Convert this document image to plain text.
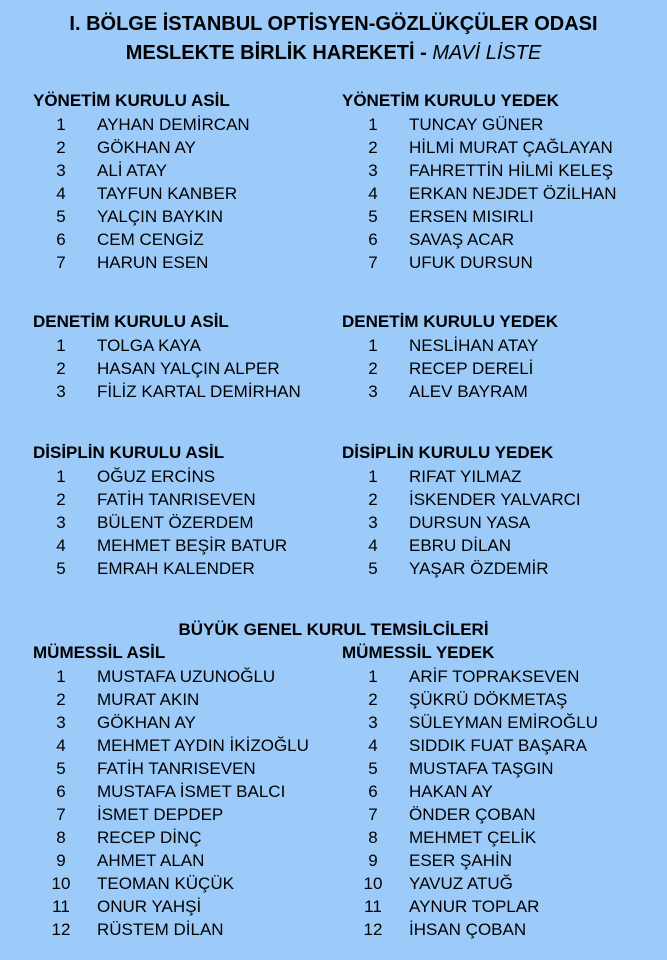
I. BÖLGE İSTANBUL OPTİSYEN-GÖZLÜKÇÜLER ODASI
MESLEKTE BİRLİK HAREKETİ - MAVİ LİSTE
YÖNETİM KURULU ASİL
1	AYHAN DEMİRCAN
2	GÖKHAN AY
3	ALİ ATAY
4	TAYFUN KANBER
5	YALÇIN BAYKIN
6	CEM CENGİZ
7	HARUN ESEN
YÖNETİM KURULU YEDEK
1	TUNCAY GÜNER
2	HİLMİ MURAT ÇAĞLAYAN
3	FAHRETTİN HİLMİ KELEŞ
4	ERKAN NEJDET ÖZİLHAN
5	ERSEN MISIRLI
6	SAVAŞ ACAR
7	UFUK DURSUN
DENETİM KURULU ASİL
1	TOLGA KAYA
2	HASAN YALÇIN ALPER
3	FİLİZ KARTAL DEMİRHAN
DENETİM KURULU YEDEK
1	NESLİHAN ATAY
2	RECEP DERELİ
3	ALEV BAYRAM
DİSİPLİN KURULU ASİL
1	OĞUZ ERCİNS
2	FATİH TANRISEVEN
3	BÜLENT ÖZERDEM
4	MEHMET BEŞİR BATUR
5	EMRAH KALENDER
DİSİPLİN KURULU YEDEK
1	RIFAT YILMAZ
2	İSKENDER YALVARCI
3	DURSUN YASA
4	EBRU DİLAN
5	YAŞAR ÖZDEMİR
BÜYÜK GENEL KURUL TEMSİLCİLERİ
MÜMESSİL ASİL
1	MUSTAFA UZUNOĞLU
2	MURAT AKIN
3	GÖKHAN AY
4	MEHMET AYDIN İKİZOĞLU
5	FATİH TANRISEVEN
6	MUSTAFA İSMET BALCI
7	İSMET DEPDEP
8	RECEP DİNÇ
9	AHMET ALAN
10	TEOMAN KÜÇÜK
11	ONUR YAHŞİ
12	RÜSTEM DİLAN
MÜMESSİL YEDEK
1	ARİF TOPRAKSEVEN
2	ŞÜKRÜ DÖKMETAŞ
3	SÜLEYMAN EMİROĞLU
4	SIDDIK FUAT BAŞARA
5	MUSTAFA TAŞGIN
6	HAKAN AY
7	ÖNDER ÇOBAN
8	MEHMET ÇELİK
9	ESER ŞAHİN
10	YAVUZ ATUĞ
11	AYNUR TOPLAR
12	İHSAN ÇOBAN
